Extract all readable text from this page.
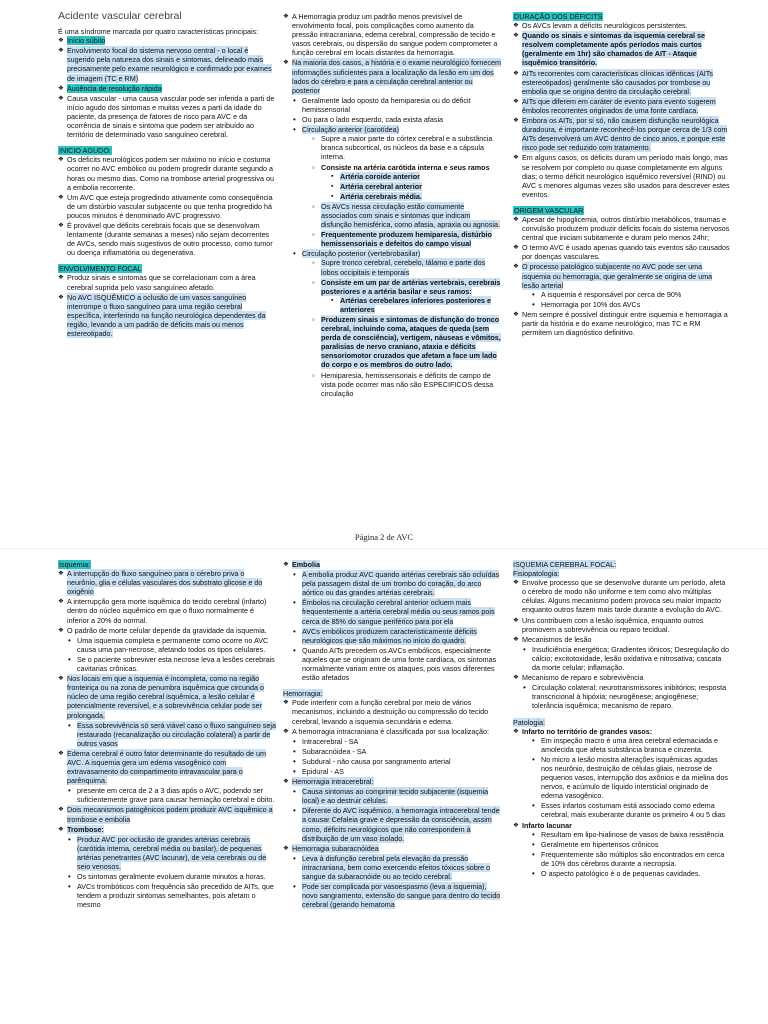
Acidente vascular cerebral
É uma síndrome marcada por quatro características principais:
❖ Início súbito
❖ Envolvimento focal do sistema nervoso central - o local é sugerido pela natureza dos sinais e sintomas, delineado mais precisamente pelo exame neurológico e confirmado por exames de imagem (TC e RM)
❖ Ausência de resolução rápida
❖ Causa vascular - uma causa vascular pode ser inferida a parti de início agudo dos sintomas e muitas vezes a parti da idade do paciente, da presença de fatores de risco para AVC e da ocorrência de sinais e sintoma que podem ser atribuído ao território de determinado vaso sanguíneo cerebral.
INICIO AGUDO:
❖ Os déficits neurológicos podem ser máximo no início e costuma ocorrer no AVC embólico ou podem progredir durante segundo a horas ou mesmo dias. Como na trombose arterial progressiva ou a embolia recorrente.
❖ Um AVC que esteja progredindo ativamente como consequência de um distúrbio vascular subjacente ou que tenha progredido há poucos minutos é denominado AVC progressivo.
❖ É provável que déficits cerebrais focais que se desenvolvam lentamente (durante semanas a meses) não sejam decorrentes de AVCs, sendo mais sugestivos de outro processo, como tumor ou doença inflamatória ou degenerativa.
ENVOLVIMENTO FOCAL
❖ Produz sinais e sintomas que se correlacionam com a área cerebral suprida pelo vaso sanguíneo afetado.
❖ No AVC ISQUÊMICO a oclusão de um vasos sanguíneo interrompe o fluxo sanguíneo para uma região cerebral específica, interferindo na função neurológica dependentes da região, levando a um padrão de déficits mais ou menos estereotipado.
❖ A Hemorragia produz um padrão menos previsível de envolvimento focal, pois complicações como aumento da pressão intracraniana, edema cerebral, compressão de tecido e vasos cerebrais, ou dispersão do sangue podem comprometer a função cerebral em locais distantes da hemorragia.
❖ Na maioria dos casos, a história e o exame neurológico fornecem informações suficientes para a localização da lesão em um dos lados do cérebro e para a circulação cerebral anterior ou posterior
• Geralmente lado oposto da hemiparesia ou do déficit hemissensorial
• Ou para o lado esquerdo, cada exista afasia
• Circulação anterior (carotídea)
◦ Supre a maior parte do córtex cerebral e a substância branca subcortical, os núcleos da base e a cápsula interna.
◦ Consiste na artéria carótida interna e seus ramos
▪ Artéria coroide anterior
▪ Artéria cerebral anterior
▪ Artéria cerebrais média.
◦ Os AVCs nessa circulação estão comumente associados com sinais e sintomas que indicam disfunção hemisférica, como afasia, apraxia ou agnosia.
◦ Frequentemente produzem hemiparesia, distúrbio hemissensoriais e defeitos do campo visual
• Circulação posterior (vertebrobasilar)
◦ Supre tronco cerebral, cerebelo, tálamo e parte dos lobos occipitais e temporais
◦ Consiste em um par de artérias vertebrais, cerebrais posteriores e a artéria basilar e seus ramos:
▪ Artérias cerebelares inferiores posteriores e anteriores
◦ Produzem sinais e sintomas de disfunção do tronco cerebral, incluindo coma, ataques de queda (sem perda de consciência), vertigem, náuseas e vômitos, paralisias de nervo craniano, ataxia e déficits sensoriomotor cruzados que afetam a face um lado do corpo e os membros do outro lado.
◦ Hemiparesia, hemissensoriais e déficits de campo de vista pode ocorrer mas não são ESPECIFICOS dessa circulação
DURAÇÃO DOS DÉFICITS
❖ Os AVCs levam a déficits neurológicos persistentes.
❖ Quando os sinais e sintomas da isquemia cerebral se resolvem completamente após períodos mais curtos (geralmente em 1hr) são chamados de AIT - Ataque isquêmico transitório.
❖ AITs recorrentes com características clínicas idênticas (AITs estereotipados) geralmente são causados por trombose ou embolia que se origina dentro da circulação cerebral.
❖ AITs que diferem em caráter de evento para evento sugerem êmbolos recorrentes originados de uma fonte cardíaca.
❖ Embora os AITs, por si só, não causem disfunção neurológica duradoura, é importante reconhecê-los porque cerca de 1/3 com AITs desenvolverá um AVC dentro de cinco anos, e porque este risco pode ser reduzido com tratamento.
❖ Em alguns casos, os déficits duram um período mais longo, mas se resolvem por completo ou quase completamente em alguns dias; o termo déficit neurológico isquêmico reversível (RIND) ou AVC s menores algumas vezes são usados para descrever estes eventos.
ORIGEM VASCULAR
❖ Apesar de hipoglicemia, outros distúrbio metabólicos, traumas e convulsão produzem produzir déficits focais do sistema nervosos central que iniciam subitamente e duram pelo menos 24hr;
❖ O termo AVC é usado apenas quando tais eventos são causados por doenças vasculares.
❖ O processo patológico subjacente no AVC pode ser uma isquemia ou hemorragia, que geralmente se origina de uma lesão arterial
• A isquemia é responsável por cerca de 90%
• Hemorragia por 10% dos AVCs
❖ Nem sempre é possível distinguir entre isquemia e hemorragia a partir da história e do exame neurológico, mas TC e RM permitem um diagnóstico definitivo.
Página 2 de AVC
Isquemia:
❖ A interrupção do fluxo sanguíneo para o cérebro priva o neurônio, glia e células vasculares dos substrato glicose e do oxigênio
❖ A interrupção gera morte isquêmica do tecido cerebral (infarto) dentro do núcleo isquêmico em que o fluxo normalmente é inferior a 20% do normal.
❖ O padrão de morte celular depende da gravidade da isquemia.
• Uma isquemia completa e permanente como ocorre no AVC causa uma pan-necrose, afetando todos os tipos celulares.
• Se o paciente sobreviver esta necrose leva a lesões cerebrais cavitarias crônicas.
❖ Nos locais em que a isquemia é incompleta, como na região fronteiriça ou na zona de penumbra isquêmica que circunda o núcleo de uma região cerebral isquêmica, a lesão celular é potencialmente reversível, e a sobrevivência celular pode ser prolongada.
• Essa sobrevivência só será viável caso o fluxo sanguíneo seja restaurado (recanalização ou circulação colateral) a partir de outros vasos
❖ Edema cerebral é outro fator determinante do resultado de um AVC. A isquemia gera um edema vasogênico com extravasamento do compartimento intravascular para o parênquima.
• presente em cerca de 2 a 3 dias após o AVC, podendo ser suficientemente grave para causar herniação cerebral e óbito.
❖ Dois mecanismos patogênicos podem produzir AVC isquêmico a trombose e embolia
❖ Trombose:
• Produz AVC por oclusão de grandes artérias cerebrais (carótida interna, cerebral média ou basilar), de pequenas artérias penetrantes (AVC lacunar), de veia cerebrais ou de seio venosos.
• Os sintomas geralmente evoluem durante minutos a horas.
• AVCs trombóticos com frequência são precedido de AITs, que tendem a produzir sintomas semelhantes, pois afetam o mesmo
❖ Embolia
• A embolia produz AVC quando artérias cerebrais são ocluídas pela passagem distal de um trombo do coração, do arco aórtico ou das grandes artérias cerebrais.
• Êmbolos na circulação cerebral anterior ocluem mais frequentemente a artéria cerebral média ou seus ramos pois cerca de 85% do sangue periférico para por ela
• AVCs embólicos produzem caracteristicamente déficits neurológicos que são máximos no início do quadro.
• Quando AITs precedem os AVCs embólicos, especialmente aqueles que se originam de uma fonte cardíaca, os sintomas normalmente variam entre os ataques, pois vasos diferentes estão afetados
Hemorragia:
❖ Pode interferir com a função cerebral por meio de vários mecanismos, incluindo a destruição ou compressão do tecido cerebral, levando a isquemia secundária e edema.
❖ A hemorragia intracraniana é classificada por sua localização:
• Intracerebral - SA
• Subaracnóidea - SA
• Subdural - não causa por sangramento arterial
• Epidural - AS
❖ Hemorragia intracerebral:
• Causa sintomas ao comprimir tecido subjacente (isquemia local) e ao destruir células.
• Diferente do AVC isquêmico, a hemorragia intracerebral tende a causar Cefaleia grave e depressão da consciência, assim como, déficits neurológicos que não correspondem à distribuição de um vaso isolado.
❖ Hemorragia subaracnóidea
• Leva à disfunção cerebral pela elevação da pressão intracraniana, bem como exercendo efeitos tóxicos sobre o sangue da subaracnóide ou ao tecido cerebral.
• Pode ser complicada por vasoespasmo (leva a isquemia), novo sangramento, extensão do sangue para dentro do tecido cerebral (gerando hematoma
ISQUEMIA CEREBRAL FOCAL:
Fisiopatologia:
❖ Envolve processo que se desenvolve durante um período, afeta o cérebro de modo não uniforme e tem como alvo múltiplas células. Alguns mecanismo podem provoca seu maior impacto enquanto outros fazem mais tarde durante a evolução do AVC.
❖ Uns contribuem com a lesão isquêmica, enquanto outros promovem a sobrevivência ou reparo tecidual.
❖ Mecanismos de lesão
• Insuficiência energética; Gradientes iônicos; Desregulação do cálcio; excitotoxidade, lesão oxidativa e nitrosativa; cascata da morte celular; inflamação.
❖ Mecanismo de reparo e sobrevivência
• Circulação colateral; neurotransmissores inibitórios; resposta transcricional à hipóxia; neurogênese; angiogênese; tolerância isquêmica; mecanismo de reparo.
Patologia:
❖ Infarto no território de grandes vasos:
• Em inspeção macro é uma área cerebral edemaciada e amolecida que afeta substância branca e cinzenta.
• No micro a lesão mostra alterações isquêmicas agudas nos neurônio, destruição de células gliais, necrose de pequenos vasos, interrupção dos axônios e da mielina dos nervos, e acúmulo de líquido intersticial originado de edema vasogênico.
• Esses infartos costumam está associado como edema cerebral, mais exuberante durante os primeiro 4 ou 5 dias
❖ Infarto lacunar
• Resultam em lipo-hialinose de vasos de baixa resistência
• Geralmente em hipertensos crônicos
• Frequentemente são múltiplos são encontrados em cerca de 10% dos cérebros durante a necropsia.
• O aspecto patológico é o de pequenas cavidades.
